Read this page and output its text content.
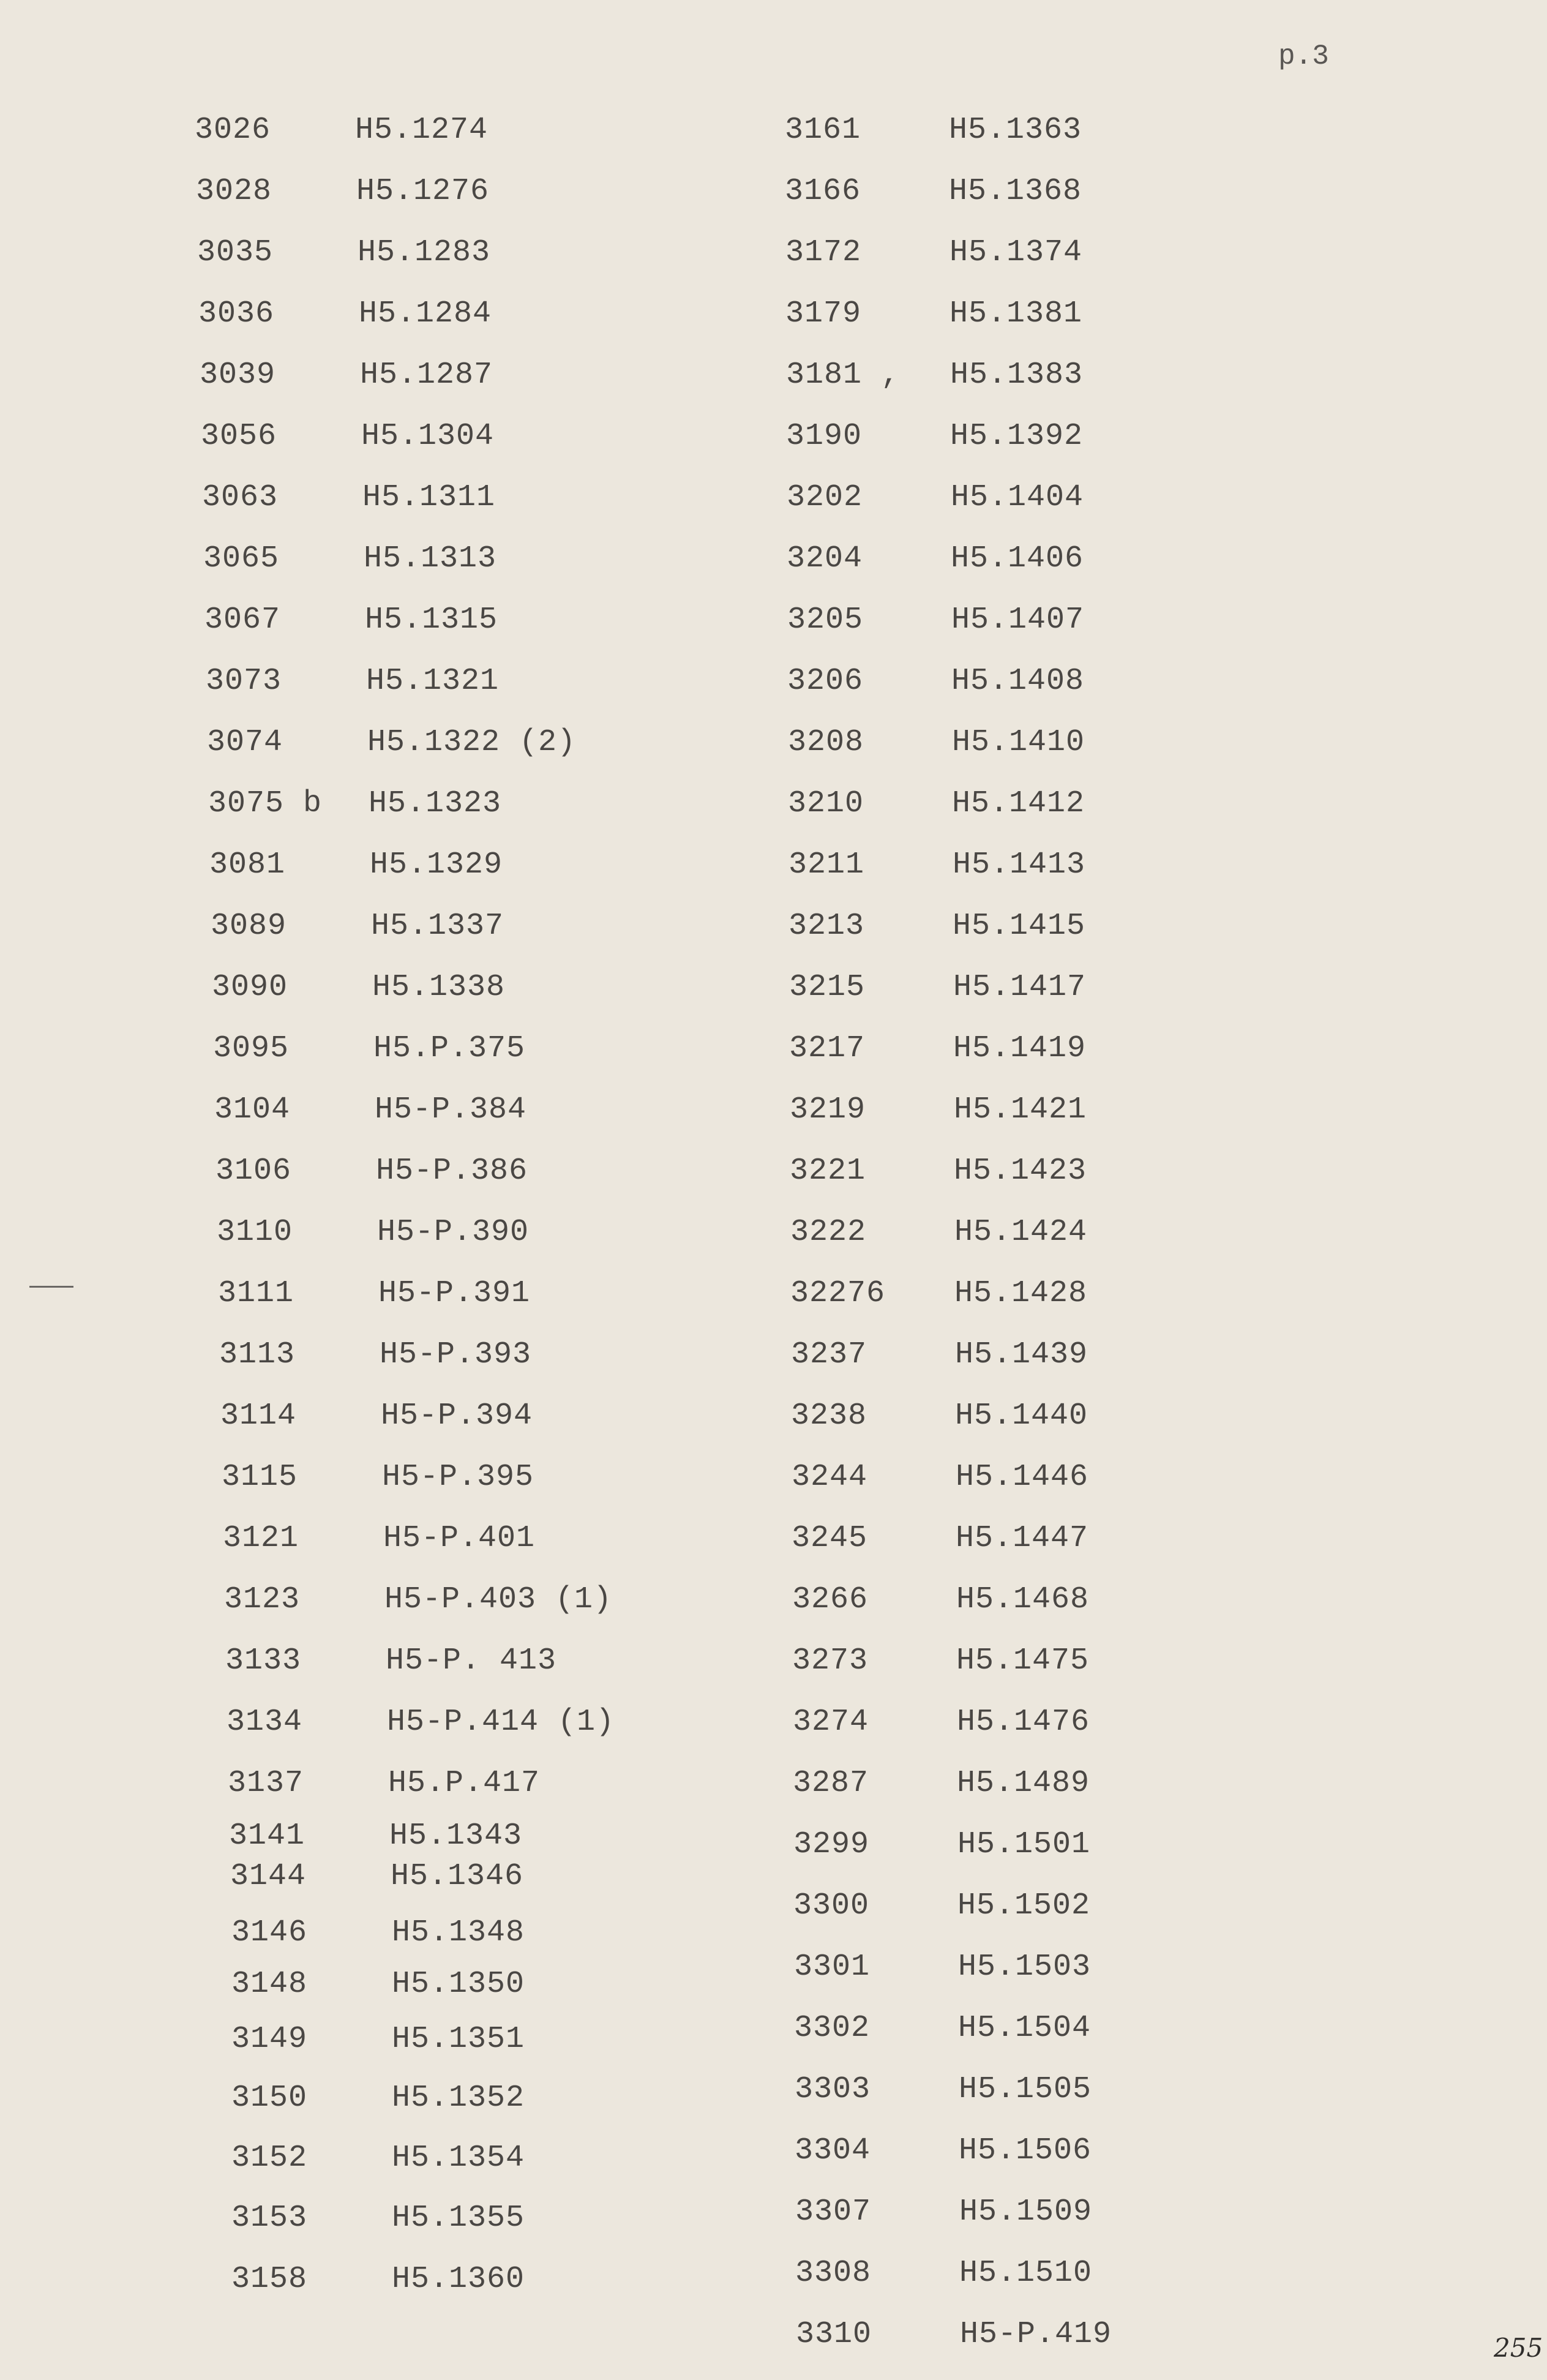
p.3
3026	H5.1274
3028	H5.1276
3035	H5.1283
3036	H5.1284
3039	H5.1287
3056	H5.1304
3063	H5.1311
3065	H5.1313
3067	H5.1315
3073	H5.1321
3074	H5.1322 (2)
3075 b H5.1323
3081	H5.1329
3089	H5.1337
3090	H5.1338
3095	H5.P.375
3104	H5-P.384
3106	H5-P.386
3110	H5-P.390
3111	H5-P.391
3113	H5-P.393
3114	H5-P.394
3115	H5-P.395
3121	H5-P.401
3123	H5-P.403 (1)
3133	H5-P. 413
3134	H5-P.414 (1)
3137	H5.P.417
3141	H5.1343
3144	H5.1346
3146	H5.1348
3148	H5.1350
3149	H5.1351
3150	H5.1352
3152	H5.1354
3153	H5.1355
3158	H5.1360
3161	H5.1363
3166	H5.1368
3172	H5.1374
3179	H5.1381
3181 , H5.1383
3190	H5.1392
3202	H5.1404
3204	H5.1406
3205	H5.1407
3206	H5.1408
3208	H5.1410
3210	H5.1412
3211	H5.1413
3213	H5.1415
3215	H5.1417
3217	H5.1419
3219	H5.1421
3221	H5.1423
3222	H5.1424
32276 H5.1428
3237	H5.1439
3238	H5.1440
3244	H5.1446
3245	H5.1447
3266	H5.1468
3273	H5.1475
3274	H5.1476
3287	H5.1489
3299	H5.1501
3300	H5.1502
3301	H5.1503
3302	H5.1504
3303	H5.1505
3304	H5.1506
3307	H5.1509
3308	H5.1510
3310	H5-P.419	255
